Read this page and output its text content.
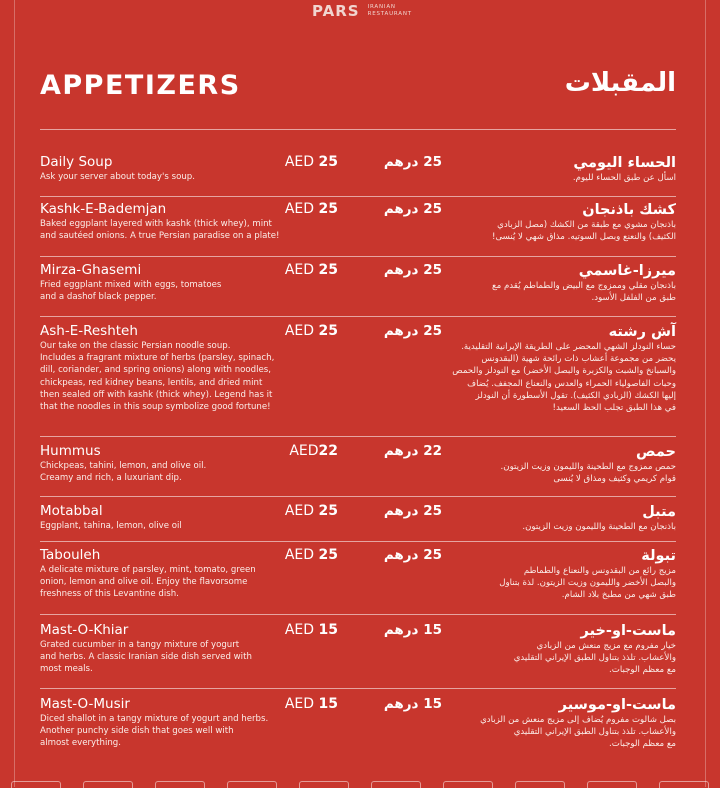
PARS IRANIAN
RESTAURANT
APPETIZERS	المقبلات
Daily Soup
Ask your server about today's soup.
AED 25	25 درهم	الحساء اليومي
اسأل عن طبق الحساء لليوم.
Kashk-E-Bademjan
Baked eggplant layered with kashk (thick whey), mint
and sautéed onions. A true Persian paradise on a plate!
AED 25	25 درهم	كشك باذنجان
باذنجان مشوي مع طبقة من الكشك (مصل الزبادي
الكثيف) والنعنع وبصل السوتيه. مذاق شهي لا يُنسى!
Mirza-Ghasemi
Fried eggplant mixed with eggs, tomatoes
and a dashof black pepper.
AED 25	25 درهم	ميرزا-غاسمي
باذنجان مقلي وممزوج مع البيض والطماطم يُقدم مع
طبق من الفلفل الأسود.
Ash-E-Reshteh
Our take on the classic Persian noodle soup.
Includes a fragrant mixture of herbs (parsley, spinach,
dill, coriander, and spring onions) along with noodles,
chickpeas, red kidney beans, lentils, and dried mint
then sealed off with kashk (thick whey). Legend has it
that the noodles in this soup symbolize good fortune!
AED 25	25 درهم	آش رشته
حساء النودلز الشهي المحضر على الطريقة الإيرانية التقليدية.
يحضر من مجموعة أعشاب ذات رائحة شهية (البقدونس
والسبانخ والشبت والكزبرة والبصل الأخضر) مع النودلز والحمص
وحبات الفاصولياء الحمراء والعدس والنعناع المجفف. يُضاف
إليها الكشك (الزبادي الكثيف). تقول الأسطورة أن النودلز
في هذا الطبق تجلب الحظ السعيد!
Hummus
Chickpeas, tahini, lemon, and olive oil.
Creamy and rich, a luxuriant dip.
AED22	22 درهم	حمص
حمص ممزوج مع الطحينة والليمون وزيت الزيتون.
قوام كريمي وكثيف ومذاق لا يُنسى
Motabbal
Eggplant, tahina, lemon, olive oil
AED 25	25 درهم	متبل
باذنجان مع الطحينة والليمون وزيت الزيتون.
Tabouleh
A delicate mixture of parsley, mint, tomato, green
onion, lemon and olive oil. Enjoy the flavorsome
freshness of this Levantine dish.
AED 25	25 درهم	تبولة
مزيج رائع من البقدونس والنعناع والطماطم
والبصل الأخضر والليمون وزيت الزيتون. لذة بتناول
طبق شهي من مطبخ بلاد الشام.
Mast-O-Khiar
Grated cucumber in a tangy mixture of yogurt
and herbs. A classic Iranian side dish served with
most meals.
AED 15	15 درهم	ماست-او-خير
خيار مفروم مع مزيج منعش من الزبادي
والأعشاب. تلذذ بتناول الطبق الإيراني التقليدي
مع معظم الوجبات.
Mast-O-Musir
Diced shallot in a tangy mixture of yogurt and herbs.
Another punchy side dish that goes well with
almost everything.
AED 15	15 درهم	ماست-او-موسير
بصل شالوت مفروم يُضاف إلى مزيج منعش من الزبادي
والأعشاب. تلذذ بتناول الطبق الإيراني التقليدي
مع معظم الوجبات.
